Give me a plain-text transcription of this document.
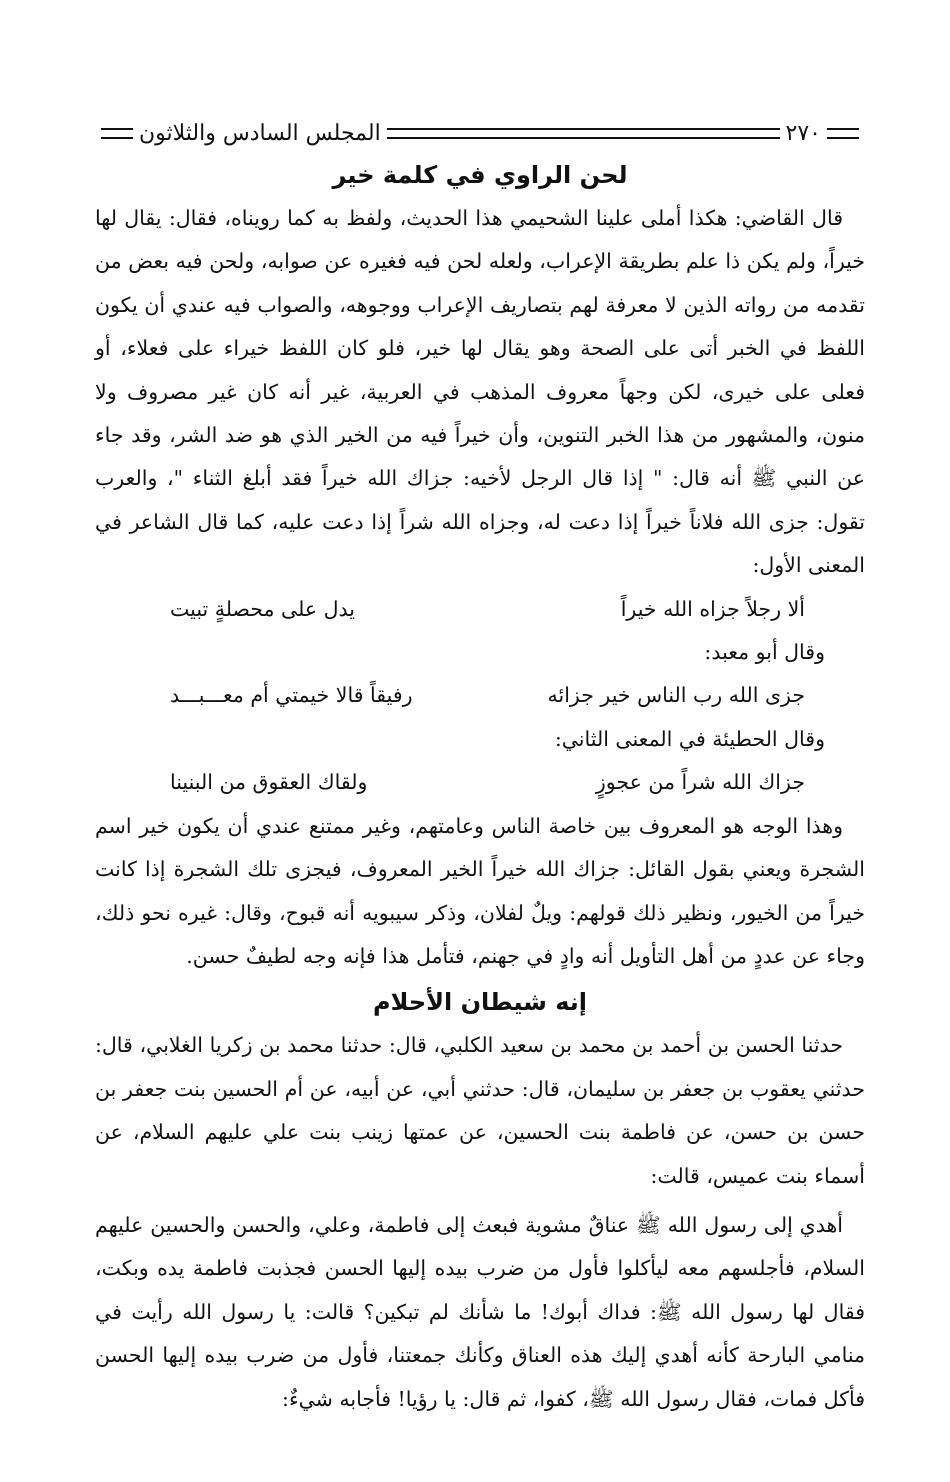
٢٧٠
المجلس السادس والثلاثون
لحن الراوي في كلمة خير

قال القاضي: هكذا أملى علينا الشحيمي هذا الحديث، ولفظ به كما رويناه، فقال: يقال لها خيراً، ولم يكن ذا علم بطريقة الإعراب، ولعله لحن فيه فغيره عن صوابه، ولحن فيه بعض من تقدمه من رواته الذين لا معرفة لهم بتصاريف الإعراب ووجوهه، والصواب فيه عندي أن يكون اللفظ في الخبر أتى على الصحة وهو يقال لها خير، فلو كان اللفظ خيراء على فعلاء، أو فعلى على خيرى، لكن وجهاً معروف المذهب في العربية، غير أنه كان غير مصروف ولا منون، والمشهور من هذا الخبر التنوين، وأن خيراً فيه من الخير الذي هو ضد الشر، وقد جاء عن النبي ﷺ أنه قال: " إذا قال الرجل لأخيه: جزاك الله خيراً فقد أبلغ الثناء "، والعرب تقول: جزى الله فلاناً خيراً إذا دعت له، وجزاه الله شراً إذا دعت عليه، كما قال الشاعر في المعنى الأول:

ألا رجلاً جزاه الله خيراً
يدل على محصلةٍ تبيت
وقال أبو معبد:
جزى الله رب الناس خير جزائه
رفيقاً قالا خيمتي أم معـــبـــد
وقال الحطيئة في المعنى الثاني:
جزاك الله شراً من عجوزٍ
ولقاك العقوق من البنينا

وهذا الوجه هو المعروف بين خاصة الناس وعامتهم، وغير ممتنع عندي أن يكون خير اسم الشجرة ويعني بقول القائل: جزاك الله خيراً الخير المعروف، فيجزى تلك الشجرة إذا كانت خيراً من الخيور، ونظير ذلك قولهم: ويلٌ لفلان، وذكر سيبويه أنه قبوح، وقال: غيره نحو ذلك، وجاء عن عددٍ من أهل التأويل أنه وادٍ في جهنم، فتأمل هذا فإنه وجه لطيفٌ حسن.

إنه شيطان الأحلام

حدثنا الحسن بن أحمد بن محمد بن سعيد الكلبي، قال: حدثنا محمد بن زكريا الغلابي، قال: حدثني يعقوب بن جعفر بن سليمان، قال: حدثني أبي، عن أبيه، عن أم الحسين بنت جعفر بن حسن بن حسن، عن فاطمة بنت الحسين، عن عمتها زينب بنت علي عليهم السلام، عن أسماء بنت عميس، قالت:

أهدي إلى رسول الله ﷺ عناقٌ مشوية فبعث إلى فاطمة، وعلي، والحسن والحسين عليهم السلام، فأجلسهم معه ليأكلوا فأول من ضرب بيده إليها الحسن فجذبت فاطمة يده وبكت، فقال لها رسول الله ﷺ: فداك أبوك! ما شأنك لم تبكين؟ قالت: يا رسول الله رأيت في منامي البارحة كأنه أهدي إليك هذه العناق وكأنك جمعتنا، فأول من ضرب بيده إليها الحسن فأكل فمات، فقال رسول الله ﷺ، كفوا، ثم قال: يا رؤيا! فأجابه شيءٌ:
